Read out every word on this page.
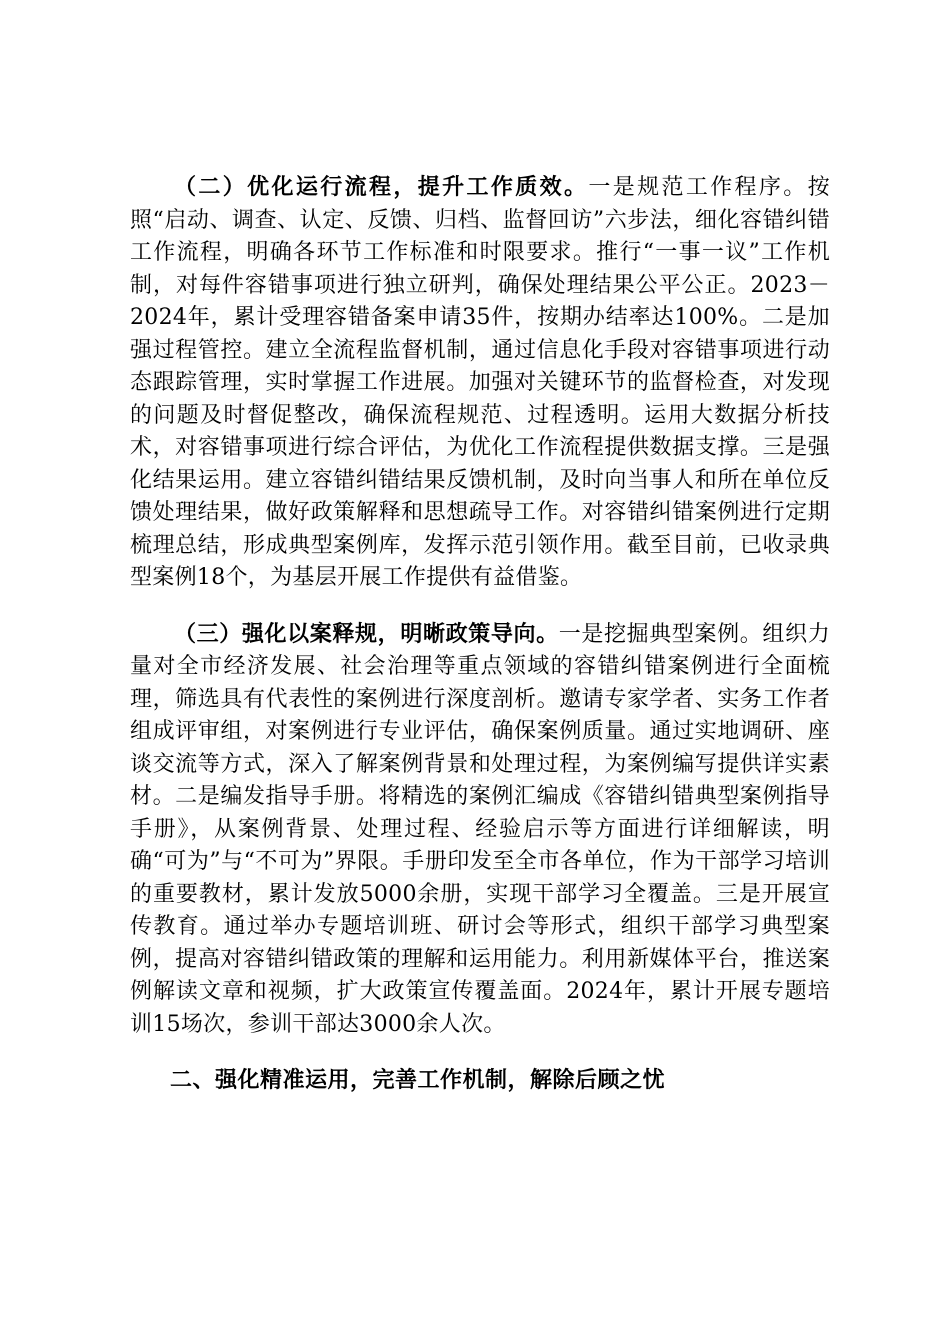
（二）优化运行流程，提升工作质效。一是规范工作程序。按照“启动、调查、认定、反馈、归档、监督回访”六步法，细化容错纠错工作流程，明确各环节工作标准和时限要求。推行“一事一议”工作机制，对每件容错事项进行独立研判，确保处理结果公平公正。2023－2024年，累计受理容错备案申请35件，按期办结率达100%。二是加强过程管控。建立全流程监督机制，通过信息化手段对容错事项进行动态跟踪管理，实时掌握工作进展。加强对关键环节的监督检查，对发现的问题及时督促整改，确保流程规范、过程透明。运用大数据分析技术，对容错事项进行综合评估，为优化工作流程提供数据支撑。三是强化结果运用。建立容错纠错结果反馈机制，及时向当事人和所在单位反馈处理结果，做好政策解释和思想疏导工作。对容错纠错案例进行定期梳理总结，形成典型案例库，发挥示范引领作用。截至目前，已收录典型案例18个，为基层开展工作提供有益借鉴。

（三）强化以案释规，明晰政策导向。一是挖掘典型案例。组织力量对全市经济发展、社会治理等重点领域的容错纠错案例进行全面梳理，筛选具有代表性的案例进行深度剖析。邀请专家学者、实务工作者组成评审组，对案例进行专业评估，确保案例质量。通过实地调研、座谈交流等方式，深入了解案例背景和处理过程，为案例编写提供详实素材。二是编发指导手册。将精选的案例汇编成《容错纠错典型案例指导手册》，从案例背景、处理过程、经验启示等方面进行详细解读，明确“可为”与“不可为”界限。手册印发至全市各单位，作为干部学习培训的重要教材，累计发放5000余册，实现干部学习全覆盖。三是开展宣传教育。通过举办专题培训班、研讨会等形式，组织干部学习典型案例，提高对容错纠错政策的理解和运用能力。利用新媒体平台，推送案例解读文章和视频，扩大政策宣传覆盖面。2024年，累计开展专题培训15场次，参训干部达3000余人次。

二、强化精准运用，完善工作机制，解除后顾之忧
